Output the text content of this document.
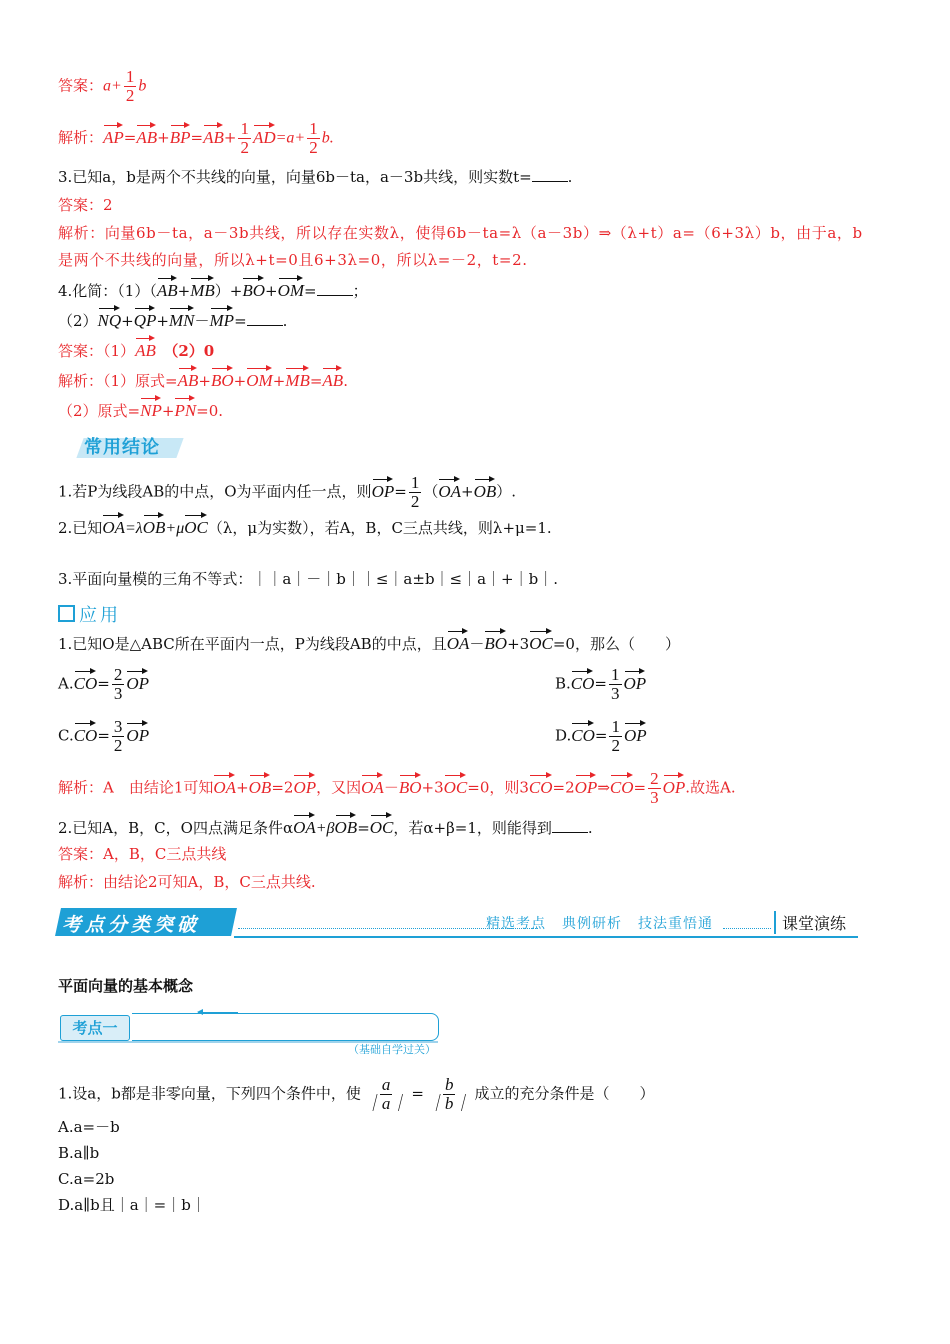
答案：$a+ \frac{1}{2}$ b
解析：$AP=AB+BP=AB+ \frac{1}{2} AD=a+ \frac{1}{2} b$.
3.已知a，b是两个不共线的向量，向量6b－ta，a－3b共线，则实数t= .
答案：2
解析：向量6b－ta，a－3b共线，所以存在实数λ，使得6b－ta=λ（a－3b）⇒（λ+t）a=（6+3λ）b，由于a，b
是两个不共线的向量，所以λ+t=0且6+3λ=0，所以λ=－2，t=2.
4.化简：（1）（AB+MB）+BO+OM= ；
（2）NQ+QP+MN－MP= .
答案：（1）AB　 （2）0
解析：（1）原式=AB+BO+OM+MB=AB.
（2）原式=NP+PN=0.
常用结论
1.若P为线段AB的中点，O为平面内任一点，则$OP= \frac{1}{2} (OA+OB)$.
2.已知OA=λOB+μOC（λ，μ为实数），若A，B，C三点共线，则λ+μ=1.
3.平面向量模的三角不等式：｜｜a｜－｜b｜｜≤｜a±b｜≤｜a｜+｜b｜.
应用
1.已知O是△ABC所在平面内一点，P为线段AB的中点，且OA－BO+3OC=0，那么（　　）
$A.CO= \frac{2}{3}$ OP	$B.CO= \frac{1}{3}$ OP
$C.CO= \frac{3}{2}$ OP	$D.CO= \frac{1}{2}$ OP
解析：A　由结论1可知OA+OB=2OP，又因OA－BO+3OC=0，则3CO=2OP⇒CO= $\frac{2}{3}$ OP.故选A.
2.已知A，B，C，O四点满足条件αOA+βOB=OC，若α+β=1，则能得到 .
答案：A，B，C三点共线
解析：由结论2可知A，B，C三点共线.
考点分类突破	精选考点 典例研析 技法重悟通	课堂演练
平面向量的基本概念
考点一
（基础自学过关）
1.设a，b都是非零向量，下列四个条件中，使 $\frac{a}{|a|} = \frac{b}{|b|}$ 成立的充分条件是（　　）
A.a=－b
B.a∥b
C.a=2b
D.a∥b且｜a｜=｜b｜
